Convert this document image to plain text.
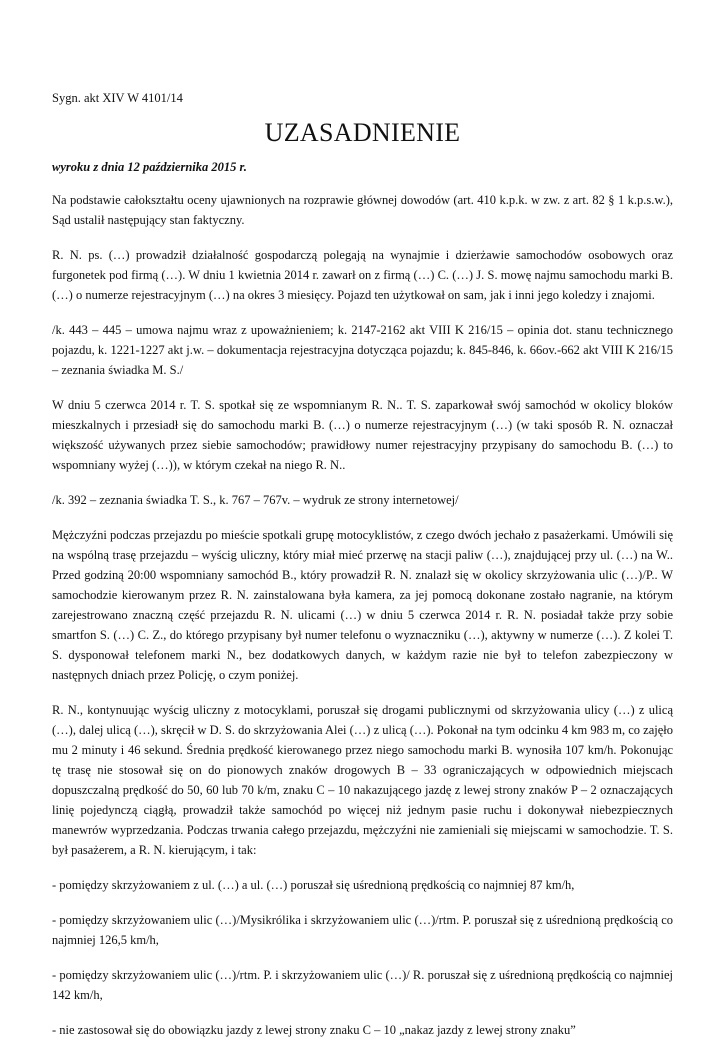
Sygn. akt XIV W 4101/14

UZASADNIENIE

wyroku z dnia 12 października 2015 r.

Na podstawie całokształtu oceny ujawnionych na rozprawie głównej dowodów (art. 410 k.p.k. w zw. z art. 82 § 1 k.p.s.w.), Sąd ustalił następujący stan faktyczny.

R. N. ps. (…) prowadził działalność gospodarczą polegają na wynajmie i dzierżawie samochodów osobowych oraz furgonetek pod firmą (…). W dniu 1 kwietnia 2014 r. zawarł on z firmą (…) C. (…) J. S. mowę najmu samochodu marki B. (…) o numerze rejestracyjnym (…) na okres 3 miesięcy. Pojazd ten użytkował on sam, jak i inni jego koledzy i znajomi.

/k. 443 – 445 – umowa najmu wraz z upoważnieniem; k. 2147-2162 akt VIII K 216/15 – opinia dot. stanu technicznego pojazdu, k. 1221-1227 akt j.w. – dokumentacja rejestracyjna dotycząca pojazdu; k. 845-846, k. 66ov.-662 akt VIII K 216/15 – zeznania świadka M. S./

W dniu 5 czerwca 2014 r. T. S. spotkał się ze wspomnianym R. N.. T. S. zaparkował swój samochód w okolicy bloków mieszkalnych i przesiadł się do samochodu marki B. (…) o numerze rejestracyjnym (…) (w taki sposób R. N. oznaczał większość używanych przez siebie samochodów; prawidłowy numer rejestracyjny przypisany do samochodu B. (…) to wspomniany wyżej (…)), w którym czekał na niego R. N..

/k. 392 – zeznania świadka T. S., k. 767 – 767v. – wydruk ze strony internetowej/

Mężczyźni podczas przejazdu po mieście spotkali grupę motocyklistów, z czego dwóch jechało z pasażerkami. Umówili się na wspólną trasę przejazdu – wyścig uliczny, który miał mieć przerwę na stacji paliw (…), znajdującej przy ul. (…) na W.. Przed godziną 20:00 wspomniany samochód B., który prowadził R. N. znalazł się w okolicy skrzyżowania ulic (…)/P.. W samochodzie kierowanym przez R. N. zainstalowana była kamera, za jej pomocą dokonane zostało nagranie, na którym zarejestrowano znaczną część przejazdu R. N. ulicami (…) w dniu 5 czerwca 2014 r. R. N. posiadał także przy sobie smartfon S. (…) C. Z., do którego przypisany był numer telefonu o wyznaczniku (…), aktywny w numerze (…). Z kolei T. S. dysponował telefonem marki N., bez dodatkowych danych, w każdym razie nie był to telefon zabezpieczony w następnych dniach przez Policję, o czym poniżej.

R. N., kontynuując wyścig uliczny z motocyklami, poruszał się drogami publicznymi od skrzyżowania ulicy (…) z ulicą (…), dalej ulicą (…), skręcił w D. S. do skrzyżowania Alei (…) z ulicą (…). Pokonał na tym odcinku 4 km 983 m, co zajęło mu 2 minuty i 46 sekund. Średnia prędkość kierowanego przez niego samochodu marki B. wynosiła 107 km/h. Pokonując tę trasę nie stosował się on do pionowych znaków drogowych B – 33 ograniczających w odpowiednich miejscach dopuszczalną prędkość do 50, 60 lub 70 k/m, znaku C – 10 nakazującego jazdę z lewej strony znaków P – 2 oznaczających linię pojedynczą ciągłą, prowadził także samochód po więcej niż jednym pasie ruchu i dokonywał niebezpiecznych manewrów wyprzedzania. Podczas trwania całego przejazdu, mężczyźni nie zamieniali się miejscami w samochodzie. T. S. był pasażerem, a R. N. kierującym, i tak:

- pomiędzy skrzyżowaniem z ul. (…) a ul. (…) poruszał się uśrednioną prędkością co najmniej 87 km/h,

- pomiędzy skrzyżowaniem ulic (…)/Mysikrólika i skrzyżowaniem ulic (…)/rtm. P. poruszał się z uśrednioną prędkością co najmniej 126,5 km/h,

- pomiędzy skrzyżowaniem ulic (…)/rtm. P. i skrzyżowaniem ulic (…)/ R. poruszał się z uśrednioną prędkością co najmniej 142 km/h,

- nie zastosował się do obowiązku jazdy z lewej strony znaku C – 10 „nakaz jazdy z lewej strony znaku”
